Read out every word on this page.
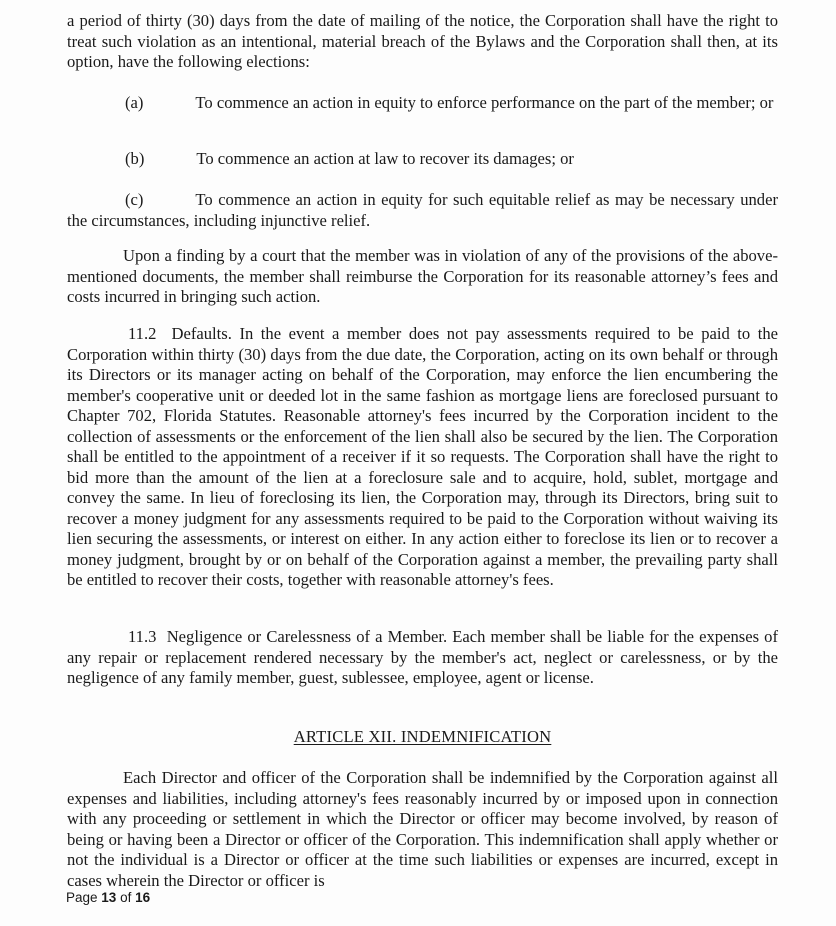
a period of thirty (30) days from the date of mailing of the notice, the Corporation shall have the right to treat such violation as an intentional, material breach of the Bylaws and the Corporation shall then, at its option, have the following elections:

(a)	To commence an action in equity to enforce performance on the part of the member; or

(b)	To commence an action at law to recover its damages; or

(c)	To commence an action in equity for such equitable relief as may be necessary under the circumstances, including injunctive relief.

Upon a finding by a court that the member was in violation of any of the provisions of the above-mentioned documents, the member shall reimburse the Corporation for its reasonable attorney’s fees and costs incurred in bringing such action.

11.2 Defaults. In the event a member does not pay assessments required to be paid to the Corporation within thirty (30) days from the due date, the Corporation, acting on its own behalf or through its Directors or its manager acting on behalf of the Corporation, may enforce the lien encumbering the member's cooperative unit or deeded lot in the same fashion as mortgage liens are foreclosed pursuant to Chapter 702, Florida Statutes. Reasonable attorney's fees incurred by the Corporation incident to the collection of assessments or the enforcement of the lien shall also be secured by the lien. The Corporation shall be entitled to the appointment of a receiver if it so requests. The Corporation shall have the right to bid more than the amount of the lien at a foreclosure sale and to acquire, hold, sublet, mortgage and convey the same. In lieu of foreclosing its lien, the Corporation may, through its Directors, bring suit to recover a money judgment for any assessments required to be paid to the Corporation without waiving its lien securing the assessments, or interest on either. In any action either to foreclose its lien or to recover a money judgment, brought by or on behalf of the Corporation against a member, the prevailing party shall be entitled to recover their costs, together with reasonable attorney's fees.

11.3 Negligence or Carelessness of a Member. Each member shall be liable for the expenses of any repair or replacement rendered necessary by the member's act, neglect or carelessness, or by the negligence of any family member, guest, sublessee, employee, agent or license.

ARTICLE XII. INDEMNIFICATION

Each Director and officer of the Corporation shall be indemnified by the Corporation against all expenses and liabilities, including attorney's fees reasonably incurred by or imposed upon in connection with any proceeding or settlement in which the Director or officer may become involved, by reason of being or having been a Director or officer of the Corporation. This indemnification shall apply whether or not the individual is a Director or officer at the time such liabilities or expenses are incurred, except in cases wherein the Director or officer is

Page 13 of 16
